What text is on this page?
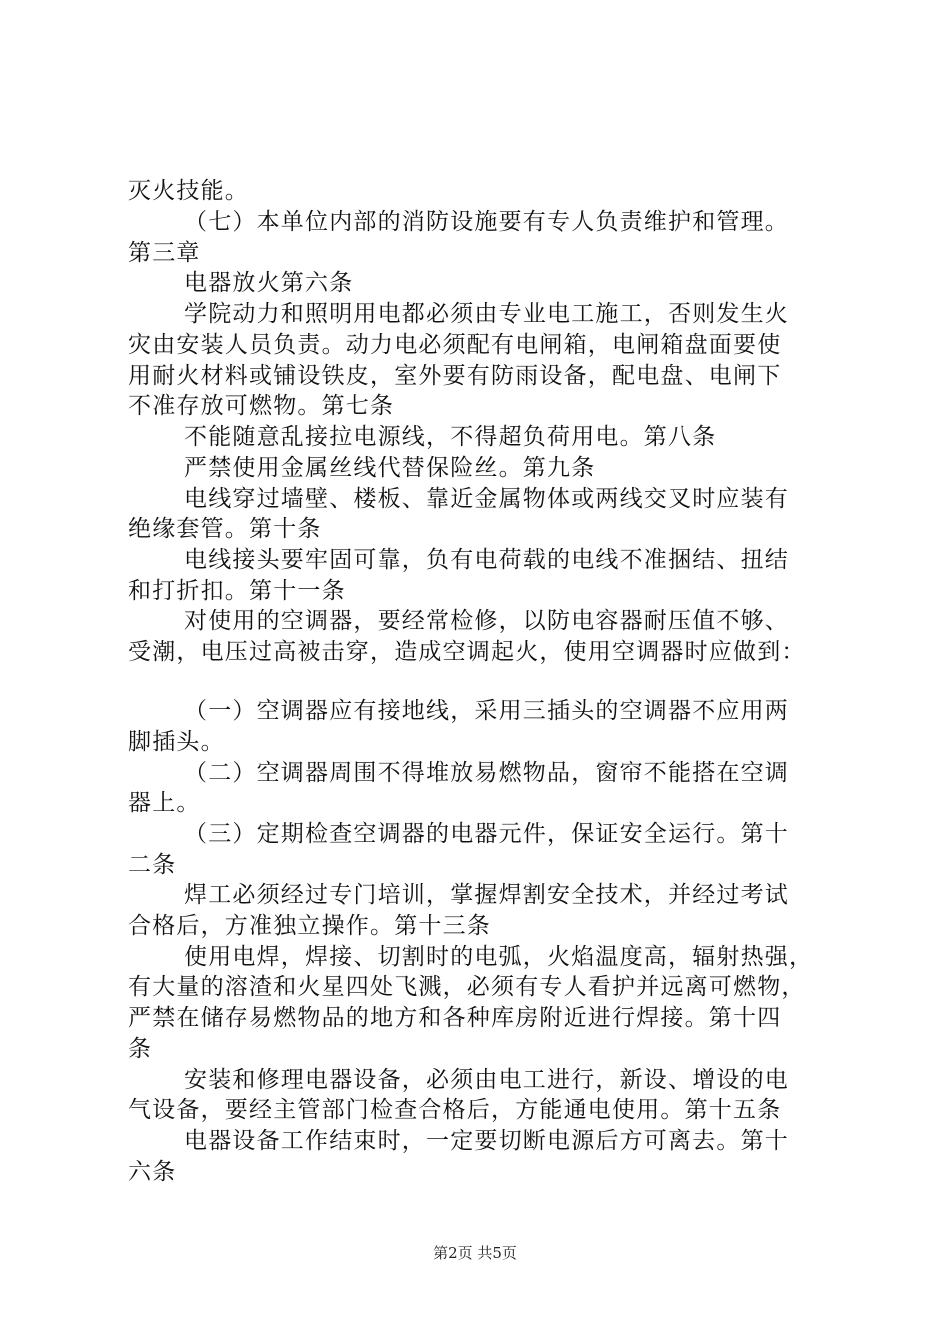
灭火技能。
（七）本单位内部的消防设施要有专人负责维护和管理。
第三章
电器放火第六条
学院动力和照明用电都必须由专业电工施工，否则发生火
灾由安装人员负责。动力电必须配有电闸箱，电闸箱盘面要使
用耐火材料或铺设铁皮，室外要有防雨设备，配电盘、电闸下
不准存放可燃物。第七条
不能随意乱接拉电源线，不得超负荷用电。第八条
严禁使用金属丝线代替保险丝。第九条
电线穿过墙壁、楼板、靠近金属物体或两线交叉时应装有
绝缘套管。第十条
电线接头要牢固可靠，负有电荷载的电线不准捆结、扭结
和打折扣。第十一条
对使用的空调器，要经常检修，以防电容器耐压值不够、
受潮，电压过高被击穿，造成空调起火，使用空调器时应做到：
（一）空调器应有接地线，采用三插头的空调器不应用两
脚插头。
（二）空调器周围不得堆放易燃物品，窗帘不能搭在空调
器上。
（三）定期检查空调器的电器元件，保证安全运行。第十
二条
焊工必须经过专门培训，掌握焊割安全技术，并经过考试
合格后，方准独立操作。第十三条
使用电焊，焊接、切割时的电弧，火焰温度高，辐射热强，
有大量的溶渣和火星四处飞溅，必须有专人看护并远离可燃物，
严禁在储存易燃物品的地方和各种库房附近进行焊接。第十四
条
安装和修理电器设备，必须由电工进行，新设、增设的电
气设备，要经主管部门检查合格后，方能通电使用。第十五条
电器设备工作结束时，一定要切断电源后方可离去。第十
六条
第2页 共5页
